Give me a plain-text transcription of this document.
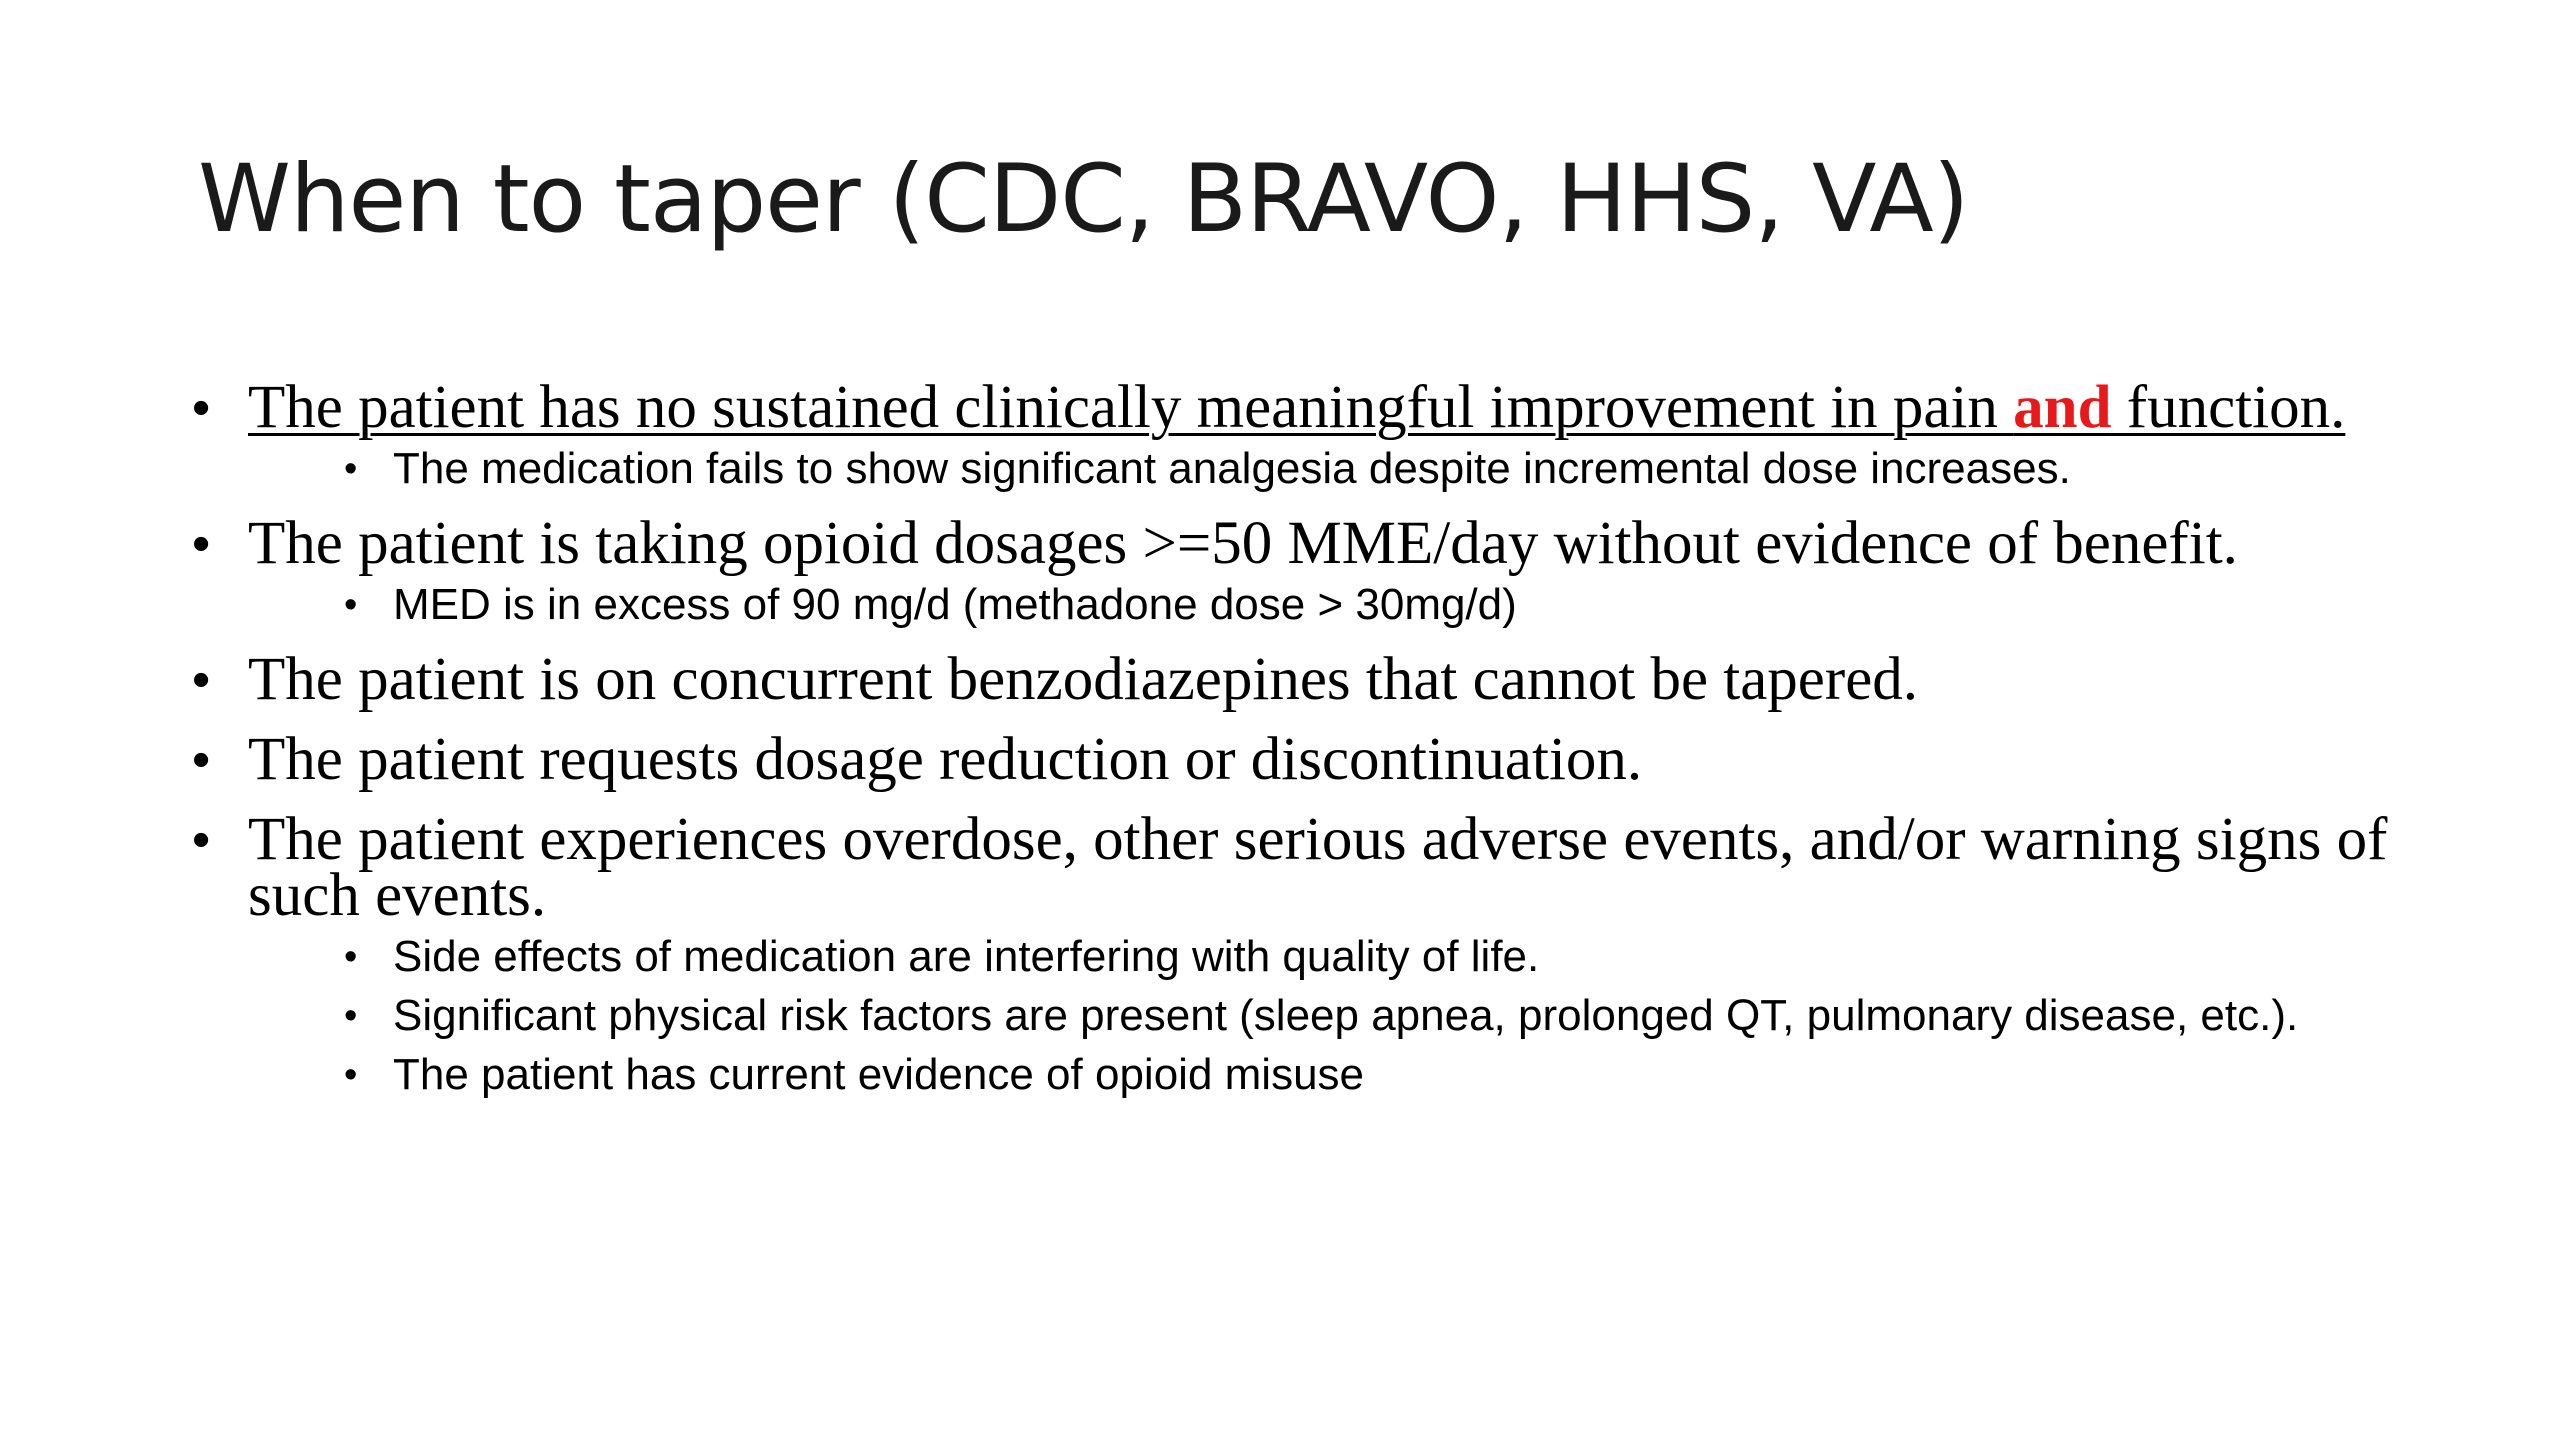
When to taper (CDC, BRAVO, HHS, VA)
• The patient has no sustained clinically meaningful improvement in pain and function.
• The medication fails to show significant analgesia despite incremental dose increases.
• The patient is taking opioid dosages >=50 MME/day without evidence of benefit.
• MED is in excess of 90 mg/d (methadone dose > 30mg/d)
• The patient is on concurrent benzodiazepines that cannot be tapered.
• The patient requests dosage reduction or discontinuation.
• The patient experiences overdose, other serious adverse events, and/or warning signs of such events.
• Side effects of medication are interfering with quality of life.
• Significant physical risk factors are present (sleep apnea, prolonged QT, pulmonary disease, etc.).
• The patient has current evidence of opioid misuse
